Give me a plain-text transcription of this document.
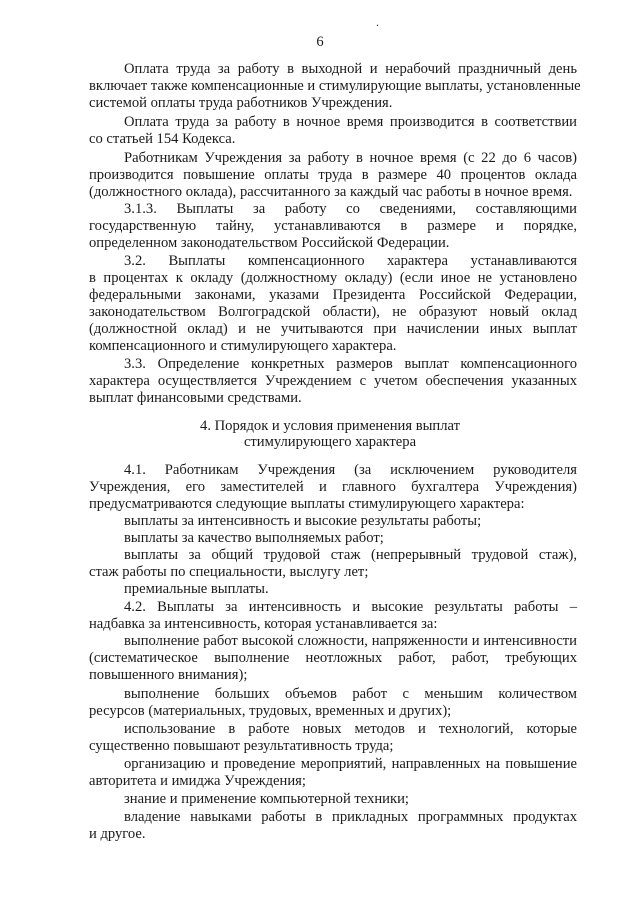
.
6
Оплата труда за работу в выходной и нерабочий праздничный день
включает также компенсационные и стимулирующие выплаты, установленные
системой оплаты труда работников Учреждения.
Оплата труда за работу в ночное время производится в соответствии
со статьей 154 Кодекса.
Работникам Учреждения за работу в ночное время (с 22 до 6 часов)
производится повышение оплаты труда в размере 40 процентов оклада
(должностного оклада), рассчитанного за каждый час работы в ночное время.
3.1.3. Выплаты за работу со сведениями, составляющими
государственную тайну, устанавливаются в размере и порядке,
определенном законодательством Российской Федерации.
3.2. Выплаты компенсационного характера устанавливаются
в процентах к окладу (должностному окладу) (если иное не установлено
федеральными законами, указами Президента Российской Федерации,
законодательством Волгоградской области), не образуют новый оклад
(должностной оклад) и не учитываются при начислении иных выплат
компенсационного и стимулирующего характера.
3.3. Определение конкретных размеров выплат компенсационного
характера осуществляется Учреждением с учетом обеспечения указанных
выплат финансовыми средствами.
4. Порядок и условия применения выплат
стимулирующего характера
4.1. Работникам Учреждения (за исключением руководителя
Учреждения, его заместителей и главного бухгалтера Учреждения)
предусматриваются следующие выплаты стимулирующего характера:
выплаты за интенсивность и высокие результаты работы;
выплаты за качество выполняемых работ;
выплаты за общий трудовой стаж (непрерывный трудовой стаж),
стаж работы по специальности, выслугу лет;
премиальные выплаты.
4.2. Выплаты за интенсивность и высокие результаты работы –
надбавка за интенсивность, которая устанавливается за:
выполнение работ высокой сложности, напряженности и интенсивности
(систематическое выполнение неотложных работ, работ, требующих
повышенного внимания);
выполнение больших объемов работ с меньшим количеством
ресурсов (материальных, трудовых, временных и других);
использование в работе новых методов и технологий, которые
существенно повышают результативность труда;
организацию и проведение мероприятий, направленных на повышение
авторитета и имиджа Учреждения;
знание и применение компьютерной техники;
владение навыками работы в прикладных программных продуктах
и другое.
